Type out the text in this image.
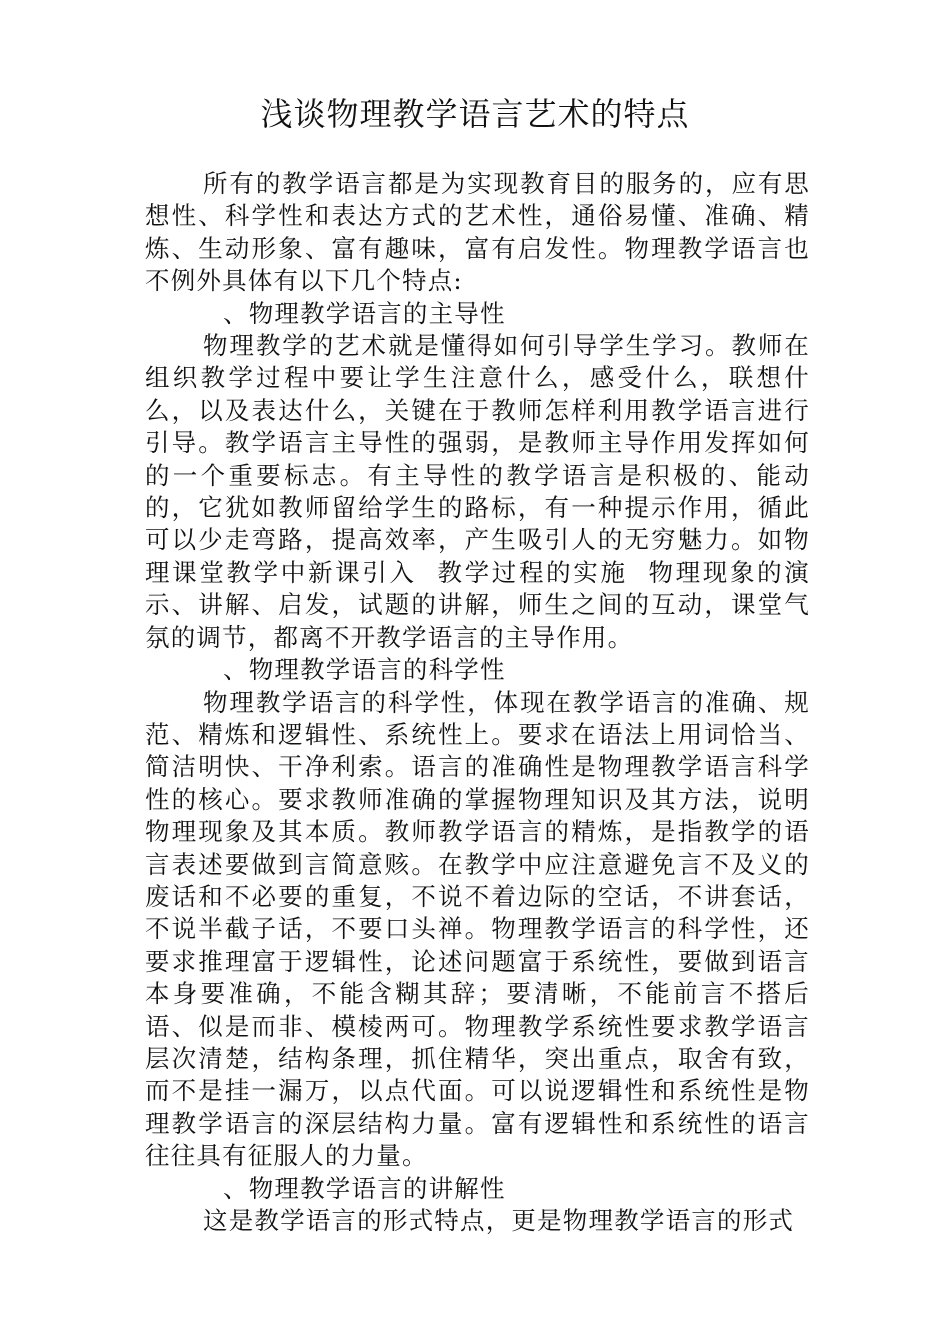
浅谈物理教学语言艺术的特点

所有的教学语言都是为实现教育目的服务的，应有思想性、科学性和表达方式的艺术性，通俗易懂、准确、精炼、生动形象、富有趣味，富有启发性。物理教学语言也不例外具体有以下几个特点:

、物理教学语言的主导性

物理教学的艺术就是懂得如何引导学生学习。教师在组织教学过程中要让学生注意什么，感受什么，联想什么，以及表达什么，关键在于教师怎样利用教学语言进行引导。教学语言主导性的强弱，是教师主导作用发挥如何的一个重要标志。有主导性的教学语言是积极的、能动的，它犹如教师留给学生的路标，有一种提示作用，循此可以少走弯路，提高效率，产生吸引人的无穷魅力。如物理课堂教学中新课引入  教学过程的实施  物理现象的演示、讲解、启发，试题的讲解，师生之间的互动，课堂气氛的调节，都离不开教学语言的主导作用。

、物理教学语言的科学性

物理教学语言的科学性，体现在教学语言的准确、规范、精炼和逻辑性、系统性上。要求在语法上用词恰当、简洁明快、干净利索。语言的准确性是物理教学语言科学性的核心。要求教师准确的掌握物理知识及其方法，说明物理现象及其本质。教师教学语言的精炼，是指教学的语言表述要做到言简意赅。在教学中应注意避免言不及义的废话和不必要的重复，不说不着边际的空话，不讲套话，不说半截子话，不要口头禅。物理教学语言的科学性，还要求推理富于逻辑性，论述问题富于系统性，要做到语言本身要准确，不能含糊其辞；要清晰，不能前言不搭后语、似是而非、模棱两可。物理教学系统性要求教学语言层次清楚，结构条理，抓住精华，突出重点，取舍有致，而不是挂一漏万，以点代面。可以说逻辑性和系统性是物理教学语言的深层结构力量。富有逻辑性和系统性的语言往往具有征服人的力量。

、物理教学语言的讲解性

这是教学语言的形式特点，更是物理教学语言的形式
